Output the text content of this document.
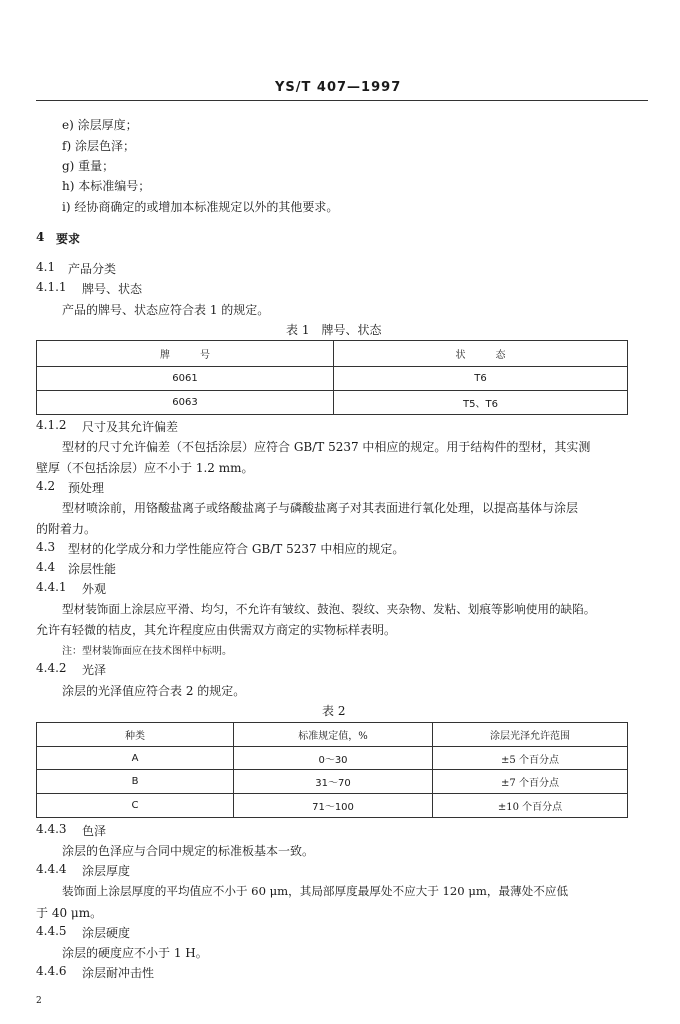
YS/T 407—1997
e) 涂层厚度；
f) 涂层色泽；
g) 重量；
h) 本标准编号；
i) 经协商确定的或增加本标准规定以外的其他要求。
4 要求
4.1 产品分类
4.1.1 牌号、状态
产品的牌号、状态应符合表 1 的规定。
表 1　牌号、状态
牌　　　号	状　　　态
6061	T6
6063	T5、T6
4.1.2 尺寸及其允许偏差
型材的尺寸允许偏差（不包括涂层）应符合 GB/T 5237 中相应的规定。用于结构件的型材，其实测
壁厚（不包括涂层）应不小于 1.2 mm。
4.2 预处理
型材喷涂前，用铬酸盐离子或络酸盐离子与磷酸盐离子对其表面进行氧化处理，以提高基体与涂层
的附着力。
4.3 型材的化学成分和力学性能应符合 GB/T 5237 中相应的规定。
4.4 涂层性能
4.4.1 外观
型材装饰面上涂层应平滑、均匀，不允许有皱纹、鼓泡、裂纹、夹杂物、发粘、划痕等影响使用的缺陷。
允许有轻微的桔皮，其允许程度应由供需双方商定的实物标样表明。
注：型材装饰面应在技术图样中标明。
4.4.2 光泽
涂层的光泽值应符合表 2 的规定。
表 2
种类	标准规定值，%	涂层光泽允许范围
A	0～30	±5 个百分点
B	31～70	±7 个百分点
C	71～100	±10 个百分点
4.4.3 色泽
涂层的色泽应与合同中规定的标准板基本一致。
4.4.4 涂层厚度
装饰面上涂层厚度的平均值应不小于 60 μm，其局部厚度最厚处不应大于 120 μm，最薄处不应低
于 40 μm。
4.4.5 涂层硬度
涂层的硬度应不小于 1 H。
4.4.6 涂层耐冲击性
2
